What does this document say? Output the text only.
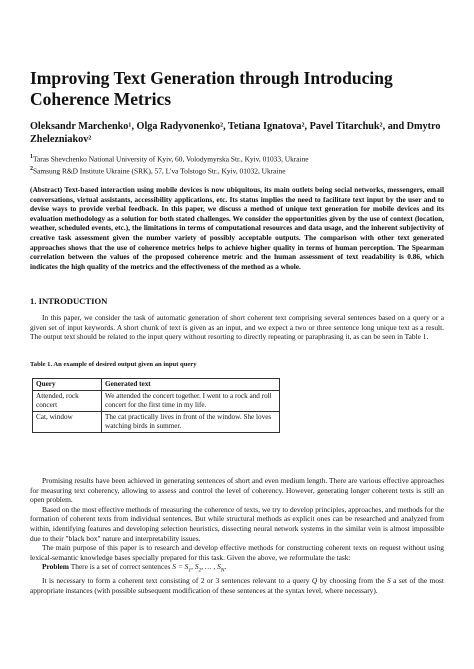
Improving Text Generation through Introducing Coherence Metrics

Oleksandr Marchenko¹, Olga Radyvonenko², Tetiana Ignatova², Pavel Titarchuk², and Dmytro Zhelezniakov²

$^1$Taras Shevchenko National University of Kyiv, 60, Volodymyrska Str., Kyiv, 01033, Ukraine

$^2$Samsung R&D Institute Ukraine (SRK), 57, L'va Tolstogo Str., Kyiv, 01032, Ukraine

(Abstract) Text-based interaction using mobile devices is now ubiquitous, its main outlets being social networks, messengers, email conversations, virtual assistants, accessibility applications, etc. Its status implies the need to facilitate text input by the user and to devise ways to provide verbal feedback. In this paper, we discuss a method of unique text generation for mobile devices and its evaluation methodology as a solution for both stated challenges. We consider the opportunities given by the use of context (location, weather, scheduled events, etc.), the limitations in terms of computational resources and data usage, and the inherent subjectivity of creative task assessment given the number variety of possibly acceptable outputs. The comparison with other text generated approaches shows that the use of coherence metrics helps to achieve higher quality in terms of human perception. The Spearman correlation between the values of the proposed coherence metric and the human assessment of text readability is 0.86, which indicates the high quality of the metrics and the effectiveness of the method as a whole.

1. INTRODUCTION

In this paper, we consider the task of automatic generation of short coherent text comprising several sentences based on a query or a given set of input keywords. A short chunk of text is given as an input, and we expect a two or three sentence long unique text as a result. The output text should be related to the input query without resorting to directly repeating or paraphrasing it, as can be seen in Table 1.

Table 1. An example of desired output given an input query

Query	Generated text
Attended, rock concert	We attended the concert together. I went to a rock and roll concert for the first time in my life.
Cat, window	The cat practically lives in front of the window. She loves watching birds in summer.

Promising results have been achieved in generating sentences of short and even medium length. There are various effective approaches for measuring text coherency, allowing to assess and control the level of coherency. However, generating longer coherent texts is still an open problem.

Based on the most effective methods of measuring the coherence of texts, we try to develop principles, approaches, and methods for the formation of coherent texts from individual sentences. But while structural methods as explicit ones can be researched and analyzed from within, identifying features and developing selection heuristics, dissecting neural network systems in the similar vein is almost impossible due to their "black box" nature and interpretability issues.

The main purpose of this paper is to research and develop effective methods for constructing coherent texts on request without using lexical-semantic knowledge bases specially prepared for this task. Given the above, we reformulate the task:

Problem There is a set of correct sentences $S = S_1$, $S_2$, … , $S_N$.

It is necessary to form a coherent text consisting of 2 or 3 sentences relevant to a query Q by choosing from the S a set of the most appropriate instances (with possible subsequent modification of these sentences at the syntax level, where necessary).
